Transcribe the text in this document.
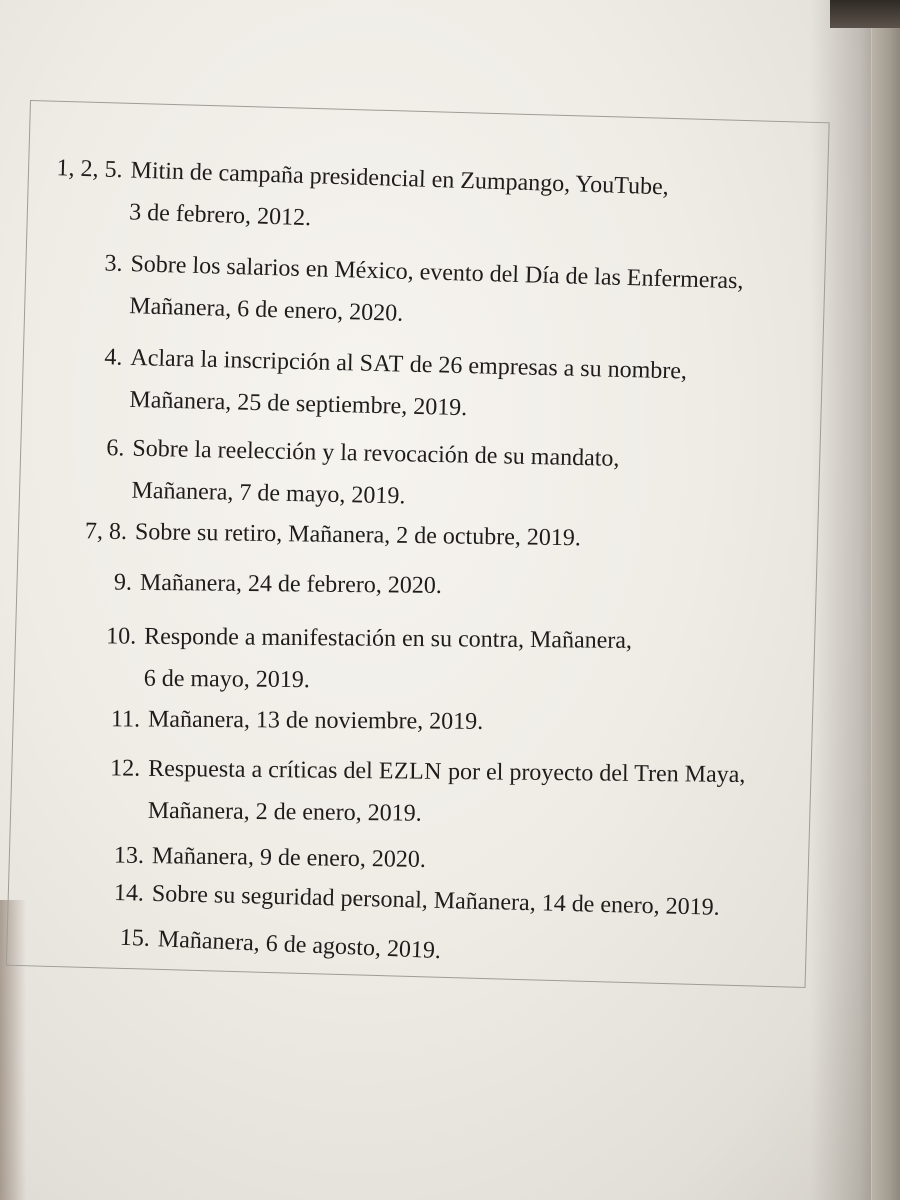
1, 2, 5. Mitin de campaña presidencial en Zumpango, YouTube,
3 de febrero, 2012.
3. Sobre los salarios en México, evento del Día de las Enfermeras,
Mañanera, 6 de enero, 2020.
4. Aclara la inscripción al SAT de 26 empresas a su nombre,
Mañanera, 25 de septiembre, 2019.
6. Sobre la reelección y la revocación de su mandato,
Mañanera, 7 de mayo, 2019.
7, 8. Sobre su retiro, Mañanera, 2 de octubre, 2019.
9. Mañanera, 24 de febrero, 2020.
10. Responde a manifestación en su contra, Mañanera,
6 de mayo, 2019.
11. Mañanera, 13 de noviembre, 2019.
12. Respuesta a críticas del EZLN por el proyecto del Tren Maya,
Mañanera, 2 de enero, 2019.
13. Mañanera, 9 de enero, 2020.
14. Sobre su seguridad personal, Mañanera, 14 de enero, 2019.
15. Mañanera, 6 de agosto, 2019.
